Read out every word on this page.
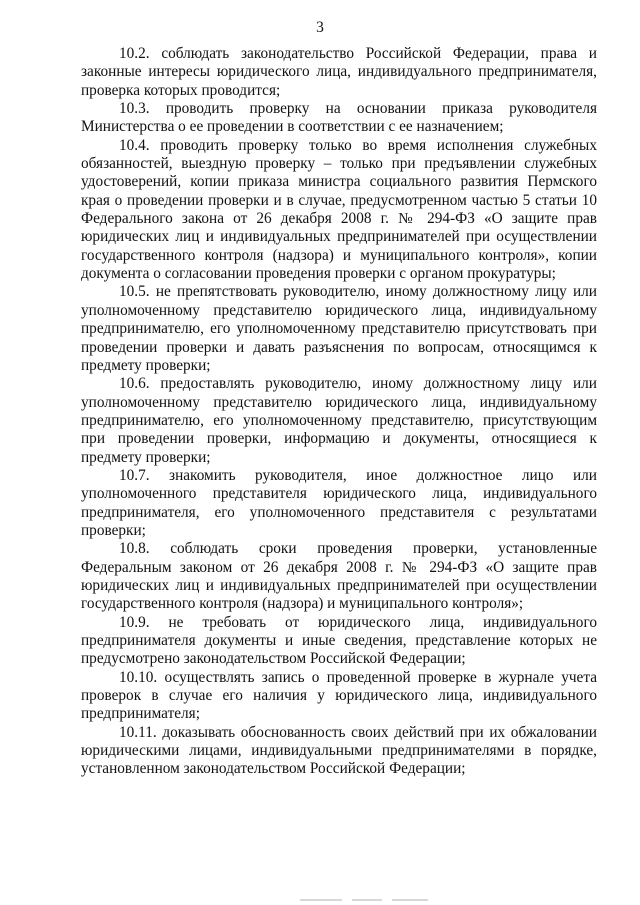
3

10.2. соблюдать законодательство Российской Федерации, права и законные интересы юридического лица, индивидуального предпринимателя, проверка которых проводится;

10.3. проводить проверку на основании приказа руководителя Министерства о ее проведении в соответствии с ее назначением;

10.4. проводить проверку только во время исполнения служебных обязанностей, выездную проверку – только при предъявлении служебных удостоверений, копии приказа министра социального развития Пермского края о проведении проверки и в случае, предусмотренном частью 5 статьи 10 Федерального закона от 26 декабря 2008 г. № 294-ФЗ «О защите прав юридических лиц и индивидуальных предпринимателей при осуществлении государственного контроля (надзора) и муниципального контроля», копии документа о согласовании проведения проверки с органом прокуратуры;

10.5. не препятствовать руководителю, иному должностному лицу или уполномоченному представителю юридического лица, индивидуальному предпринимателю, его уполномоченному представителю присутствовать при проведении проверки и давать разъяснения по вопросам, относящимся к предмету проверки;

10.6. предоставлять руководителю, иному должностному лицу или уполномоченному представителю юридического лица, индивидуальному предпринимателю, его уполномоченному представителю, присутствующим при проведении проверки, информацию и документы, относящиеся к предмету проверки;

10.7. знакомить руководителя, иное должностное лицо или уполномоченного представителя юридического лица, индивидуального предпринимателя, его уполномоченного представителя с результатами проверки;

10.8. соблюдать сроки проведения проверки, установленные Федеральным законом от 26 декабря 2008 г. № 294-ФЗ «О защите прав юридических лиц и индивидуальных предпринимателей при осуществлении государственного контроля (надзора) и муниципального контроля»;

10.9. не требовать от юридического лица, индивидуального предпринимателя документы и иные сведения, представление которых не предусмотрено законодательством Российской Федерации;

10.10. осуществлять запись о проведенной проверке в журнале учета проверок в случае его наличия у юридического лица, индивидуального предпринимателя;

10.11. доказывать обоснованность своих действий при их обжаловании юридическими лицами, индивидуальными предпринимателями в порядке, установленном законодательством Российской Федерации;
